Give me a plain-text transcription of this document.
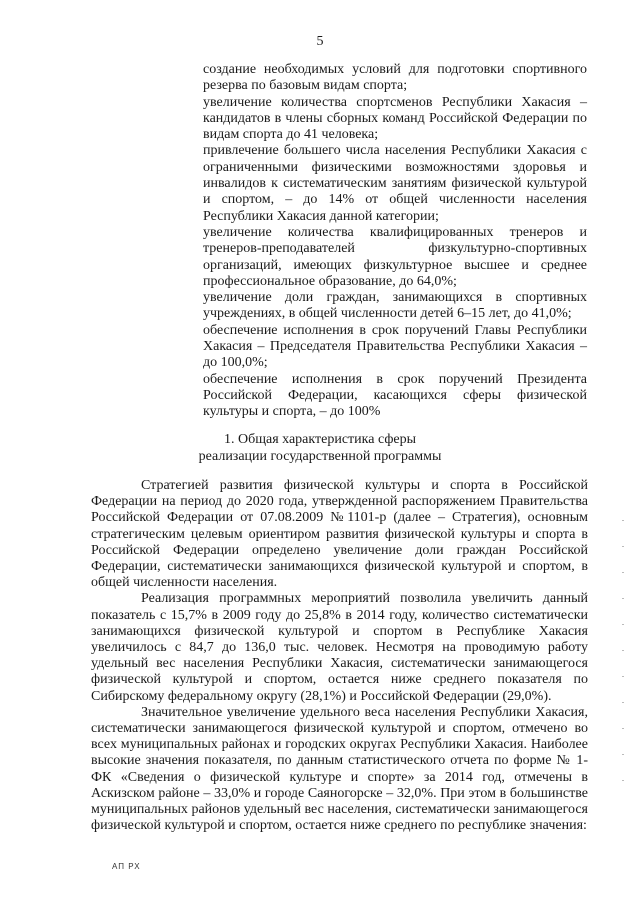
5

создание необходимых условий для подготовки спортивного резерва по базовым видам спорта;

увеличение количества спортсменов Республики Хакасия – кандидатов в члены сборных команд Российской Федерации по видам спорта до 41 человека;

привлечение большего числа населения Республики Хакасия с ограниченными физическими возможностями здоровья и инвалидов к систематическим занятиям физической культурой и спортом, – до 14% от общей численности населения Республики Хакасия данной категории;

увеличение количества квалифицированных тренеров и тренеров-преподавателей физкультурно-спортивных организаций, имеющих физкультурное высшее и среднее профессиональное образование, до 64,0%;

увеличение доли граждан, занимающихся в спортивных учреждениях, в общей численности детей 6–15 лет, до 41,0%;

обеспечение исполнения в срок поручений Главы Республики Хакасия – Председателя Правительства Республики Хакасия – до 100,0%;

обеспечение исполнения в срок поручений Президента Российской Федерации, касающихся сферы физической культуры и спорта, – до 100%

1. Общая характеристика сферы
реализации государственной программы

Стратегией развития физической культуры и спорта в Российской Федерации на период до 2020 года, утвержденной распоряжением Правительства Российской Федерации от 07.08.2009 №1101-р (далее – Стратегия), основным стратегическим целевым ориентиром развития физической культуры и спорта в Российской Федерации определено увеличение доли граждан Российской Федерации, систематически занимающихся физической культурой и спортом, в общей численности населения.

Реализация программных мероприятий позволила увеличить данный показатель с 15,7% в 2009 году до 25,8% в 2014 году, количество систематически занимающихся физической культурой и спортом в Республике Хакасия увеличилось с 84,7 до 136,0 тыс. человек. Несмотря на проводимую работу удельный вес населения Республики Хакасия, систематически занимающегося физической культурой и спортом, остается ниже среднего показателя по Сибирскому федеральному округу (28,1%) и Российской Федерации (29,0%).

Значительное увеличение удельного веса населения Республики Хакасия, систематически занимающегося физической культурой и спортом, отмечено во всех муниципальных районах и городских округах Республики Хакасия. Наиболее высокие значения показателя, по данным статистического отчета по форме № 1-ФК «Сведения о физической культуре и спорте» за 2014 год, отмечены в Аскизском районе – 33,0% и городе Саяногорске – 32,0%. При этом в большинстве муниципальных районов удельный вес населения, систематически занимающегося физической культурой и спортом, остается ниже среднего по республике значения:

АП РХ
